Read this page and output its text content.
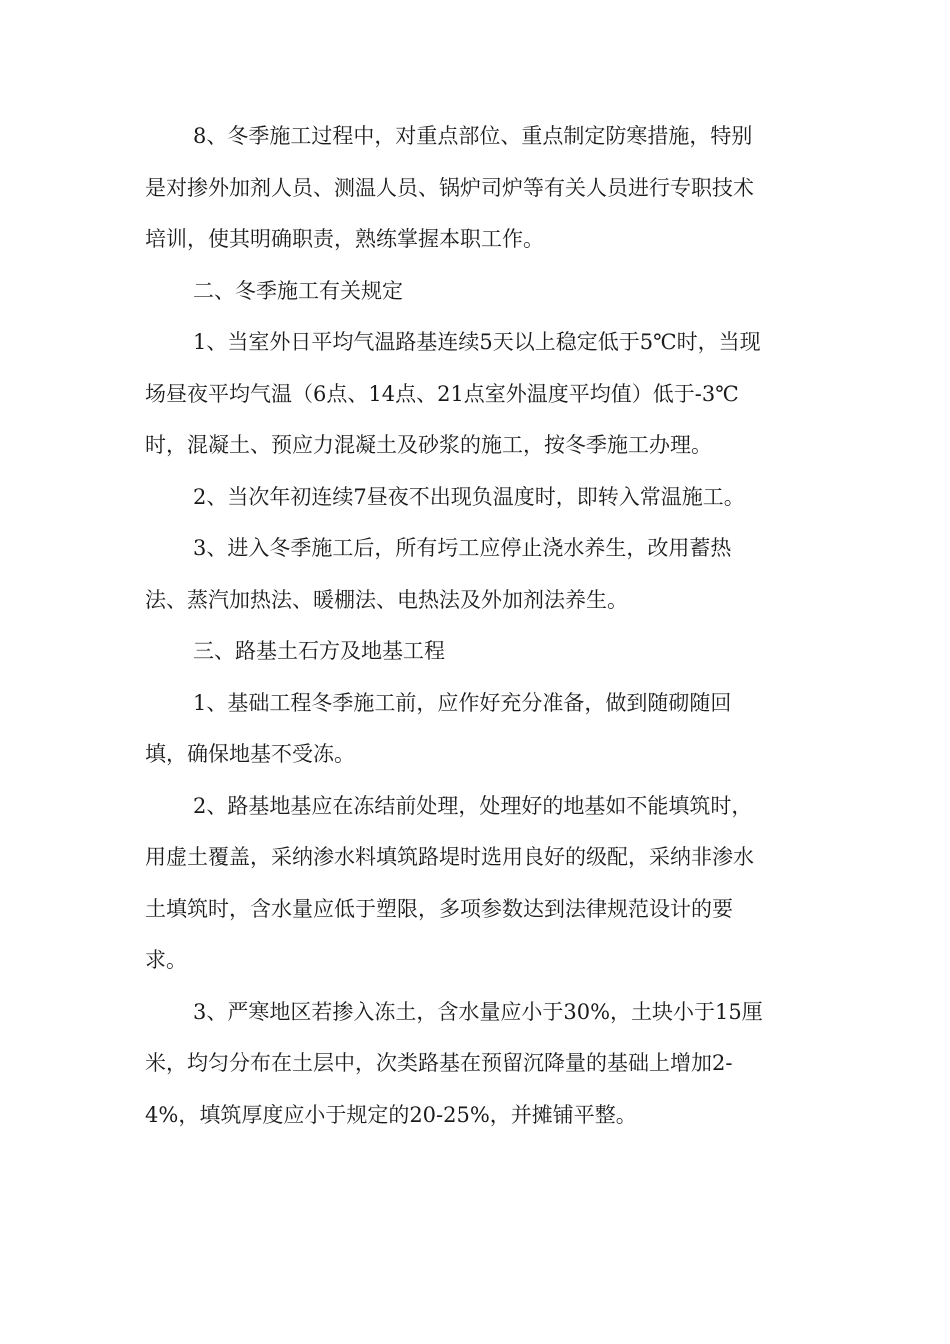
8、冬季施工过程中，对重点部位、重点制定防寒措施，特别
是对掺外加剂人员、测温人员、锅炉司炉等有关人员进行专职技术
培训，使其明确职责，熟练掌握本职工作。

二、冬季施工有关规定

1、当室外日平均气温路基连续5天以上稳定低于5℃时，当现
场昼夜平均气温（6点、14点、21点室外温度平均值）低于-3℃
时，混凝土、预应力混凝土及砂浆的施工，按冬季施工办理。

2、当次年初连续7昼夜不出现负温度时，即转入常温施工。

3、进入冬季施工后，所有圬工应停止浇水养生，改用蓄热
法、蒸汽加热法、暖棚法、电热法及外加剂法养生。

三、路基土石方及地基工程

1、基础工程冬季施工前，应作好充分准备，做到随砌随回
填，确保地基不受冻。

2、路基地基应在冻结前处理，处理好的地基如不能填筑时，
用虚土覆盖，采纳渗水料填筑路堤时选用良好的级配，采纳非渗水
土填筑时，含水量应低于塑限，多项参数达到法律规范设计的要
求。

3、严寒地区若掺入冻土，含水量应小于30%，土块小于15厘
米，均匀分布在土层中，次类路基在预留沉降量的基础上增加2-
4%，填筑厚度应小于规定的20-25%，并摊铺平整。
